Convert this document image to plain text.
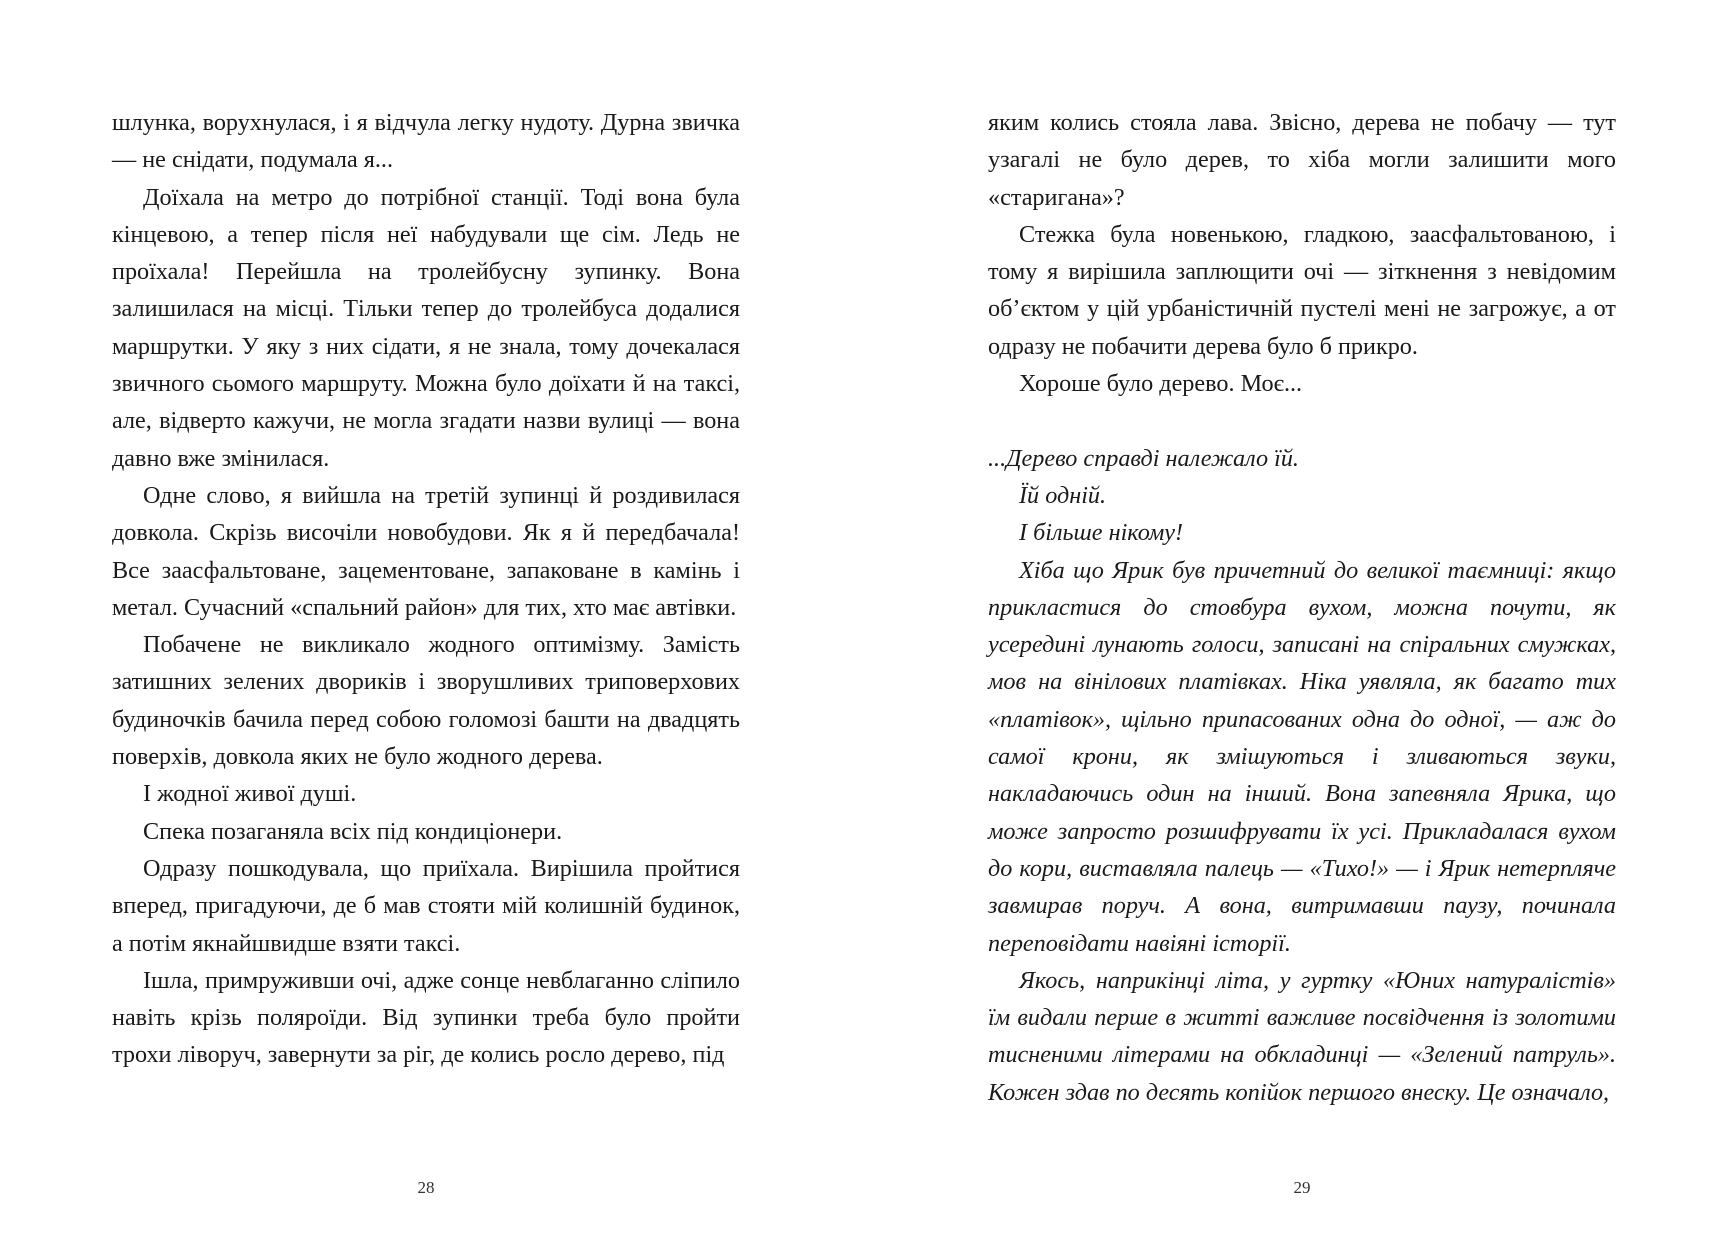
шлунка, ворухнулася, і я відчула легку нудоту. Дурна звичка — не снідати, подумала я...

Доїхала на метро до потрібної станції. Тоді вона була кінцевою, а тепер після неї набудували ще сім. Ледь не проїхала! Перейшла на тролейбусну зупинку. Вона залишилася на місці. Тільки тепер до тролейбуса додалися маршрутки. У яку з них сідати, я не знала, тому дочекалася звичного сьомого маршруту. Можна було доїхати й на таксі, але, відверто кажучи, не могла згадати назви вулиці — вона давно вже змінилася.

Одне слово, я вийшла на третій зупинці й роздивилася довкола. Скрізь височіли новобудови. Як я й передбачала! Все заасфальтоване, зацементоване, запаковане в камінь і метал. Сучасний «спальний район» для тих, хто має автівки.

Побачене не викликало жодного оптимізму. Замість затишних зелених двориків і зворушливих триповерхових будиночків бачила перед собою голомозі башти на двадцять поверхів, довкола яких не було жодного дерева.

І жодної живої душі.

Спека позаганяла всіх під кондиціонери.

Одразу пошкодувала, що приїхала. Вирішила пройтися вперед, пригадуючи, де б мав стояти мій колишній будинок, а потім якнайшвидше взяти таксі.

Ішла, примруживши очі, адже сонце невблаганно сліпило навіть крізь поляроїди. Від зупинки треба було пройти трохи ліворуч, завернути за ріг, де колись росло дерево, під

яким колись стояла лава. Звісно, дерева не побачу — тут узагалі не було дерев, то хіба могли залишити мого «старигана»?

Стежка була новенькою, гладкою, заасфальтованою, і тому я вирішила заплющити очі — зіткнення з невідомим об’єктом у цій урбаністичній пустелі мені не загрожує, а от одразу не побачити дерева було б прикро.

Хороше було дерево. Моє...

...Дерево справді належало їй.

Їй одній.

І більше нікому!

Хіба що Ярик був причетний до великої таємниці: якщо прикластися до стовбура вухом, можна почути, як усередині лунають голоси, записані на спіральних смужках, мов на вінілових платівках. Ніка уявляла, як багато тих «платівок», щільно припасованих одна до одної, — аж до самої крони, як змішуються і зливаються звуки, накладаючись один на інший. Вона запевняла Ярика, що може запросто розшифрувати їх усі. Прикладалася вухом до кори, виставляла палець — «Тихо!» — і Ярик нетерпляче завмирав поруч. А вона, витримавши паузу, починала переповідати навіяні історії.

Якось, наприкінці літа, у гуртку «Юних натуралістів» їм видали перше в житті важливе посвідчення із золотими тисненими літерами на обкладинці — «Зелений патруль». Кожен здав по десять копійок першого внеску. Це означало,

28	29
